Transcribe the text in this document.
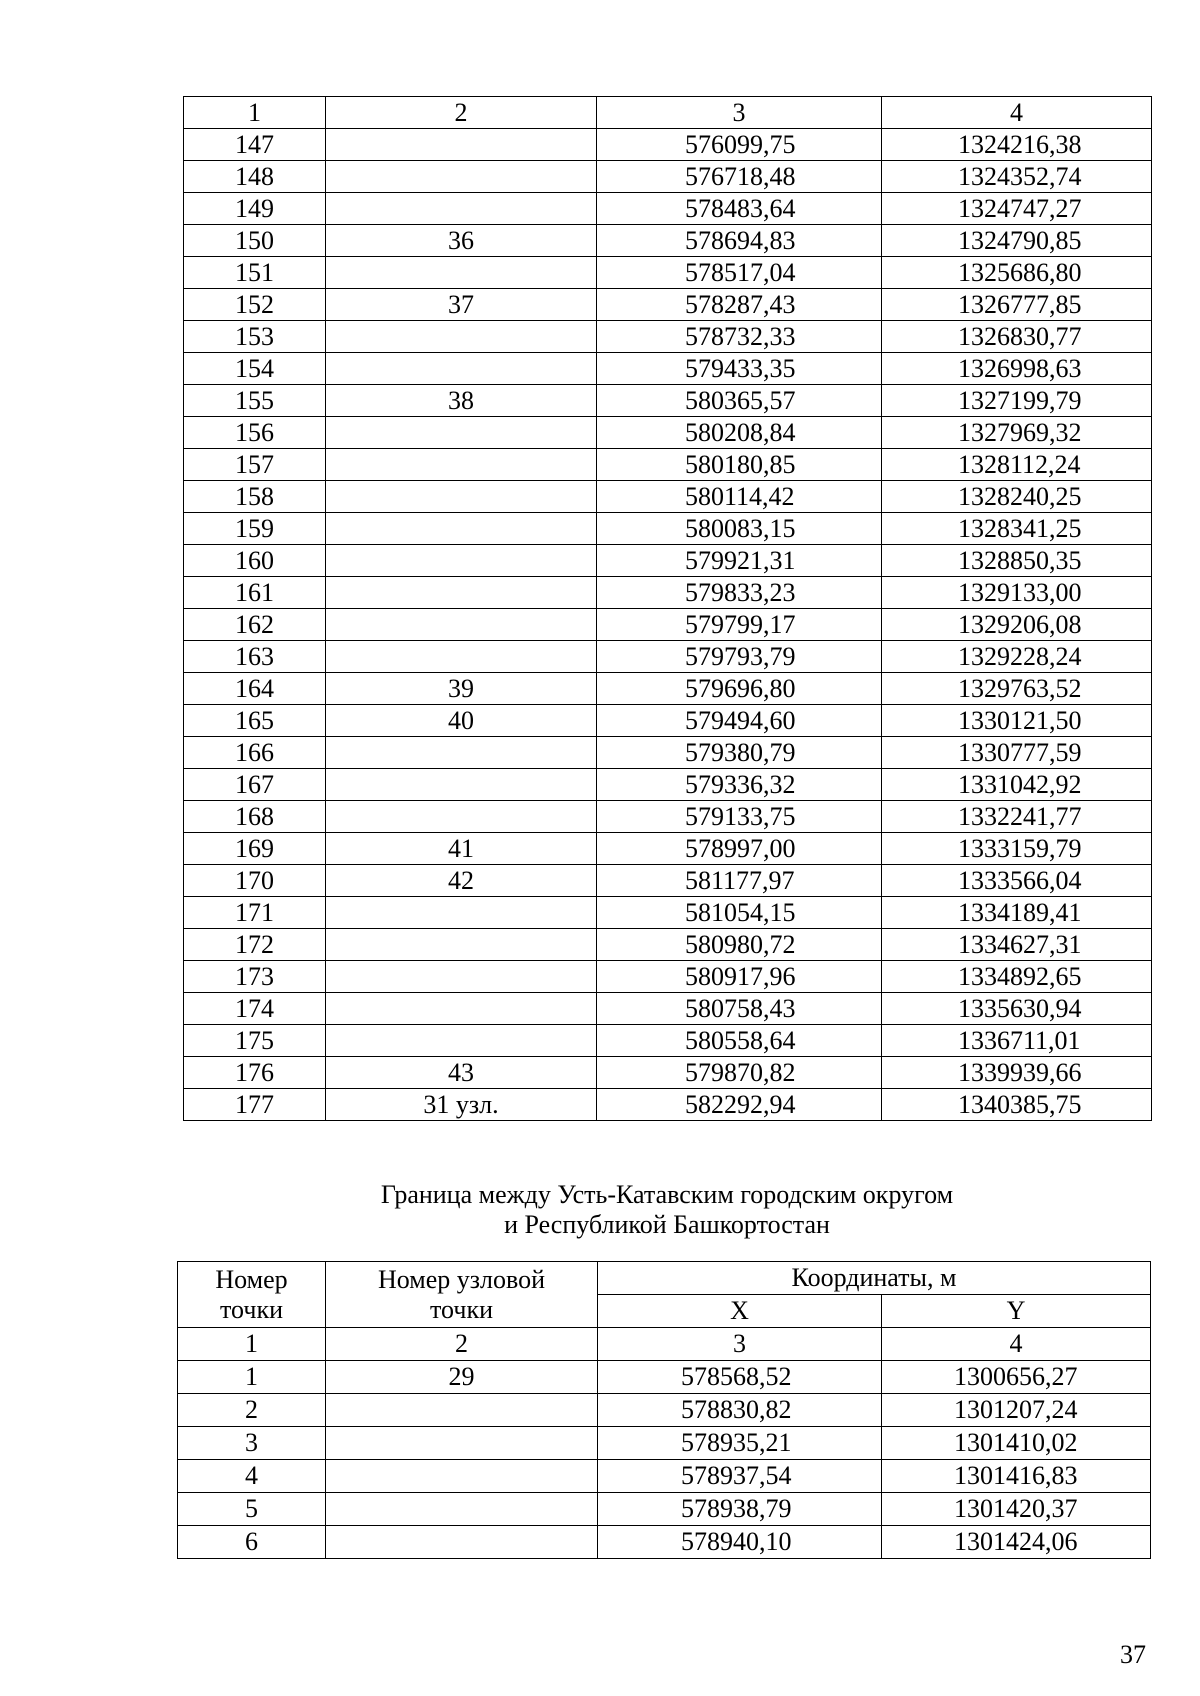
1	2	3	4
147		576099,75	1324216,38
148		576718,48	1324352,74
149		578483,64	1324747,27
150	36	578694,83	1324790,85
151		578517,04	1325686,80
152	37	578287,43	1326777,85
153		578732,33	1326830,77
154		579433,35	1326998,63
155	38	580365,57	1327199,79
156		580208,84	1327969,32
157		580180,85	1328112,24
158		580114,42	1328240,25
159		580083,15	1328341,25
160		579921,31	1328850,35
161		579833,23	1329133,00
162		579799,17	1329206,08
163		579793,79	1329228,24
164	39	579696,80	1329763,52
165	40	579494,60	1330121,50
166		579380,79	1330777,59
167		579336,32	1331042,92
168		579133,75	1332241,77
169	41	578997,00	1333159,79
170	42	581177,97	1333566,04
171		581054,15	1334189,41
172		580980,72	1334627,31
173		580917,96	1334892,65
174		580758,43	1335630,94
175		580558,64	1336711,01
176	43	579870,82	1339939,66
177	31 узл.	582292,94	1340385,75
Граница между Усть-Катавским городским округом
и Республикой Башкортостан
Номер точки	Номер узловой точки	Координаты, м	
		X	Y
1	2	3	4
1	29	578568,52	1300656,27
2		578830,82	1301207,24
3		578935,21	1301410,02
4		578937,54	1301416,83
5		578938,79	1301420,37
6		578940,10	1301424,06
37
